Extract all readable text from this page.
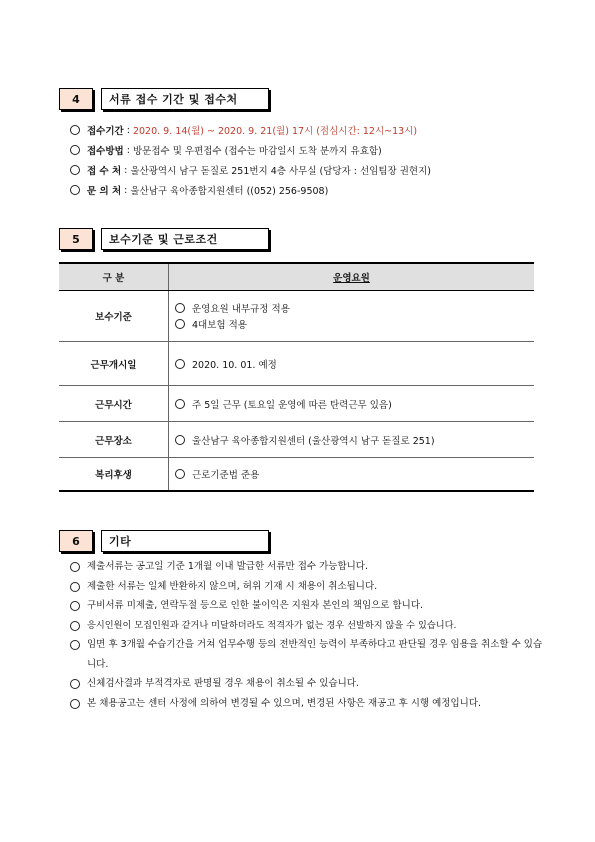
4	서류 접수 기간 및 접수처
접수기간 : 2020. 9. 14(월) ~ 2020. 9. 21(월) 17시 (점심시간: 12시~13시)
접수방법 : 방문접수 및 우편접수 (접수는 마감일시 도착 분까지 유효함)
접 수 처 : 울산광역시 남구 돋질로 251번지 4층 사무실 (담당자 : 선임팀장 권현지)
문 의 처 : 울산남구 육아종합지원센터 ((052) 256-9508)
5	보수기준 및 근로조건
구 분	운영요원
보수기준	운영요원 내부규정 적용
4대보험 적용

근무개시일	2020. 10. 01. 예정

근무시간	주 5일 근무 (토요일 운영에 따른 탄력근무 있음)

근무장소	울산남구 육아종합지원센터 (울산광역시 남구 돋질로 251)

복리후생	근로기준법 준용
6	기타
제출서류는 공고일 기준 1개월 이내 발급한 서류만 접수 가능합니다.
제출한 서류는 일체 반환하지 않으며, 허위 기재 시 채용이 취소됩니다.
구비서류 미제출, 연락두절 등으로 인한 불이익은 지원자 본인의 책임으로 합니다.
응시인원이 모집인원과 같거나 미달하더라도 적격자가 없는 경우 선발하지 않을 수 있습니다.
임면 후 3개월 수습기간을 거쳐 업무수행 등의 전반적인 능력이 부족하다고 판단될 경우 임용을 취소할 수 있습니다.
신체검사결과 부적격자로 판명될 경우 채용이 취소될 수 있습니다.
본 채용공고는 센터 사정에 의하여 변경될 수 있으며, 변경된 사항은 재공고 후 시행 예정입니다.
